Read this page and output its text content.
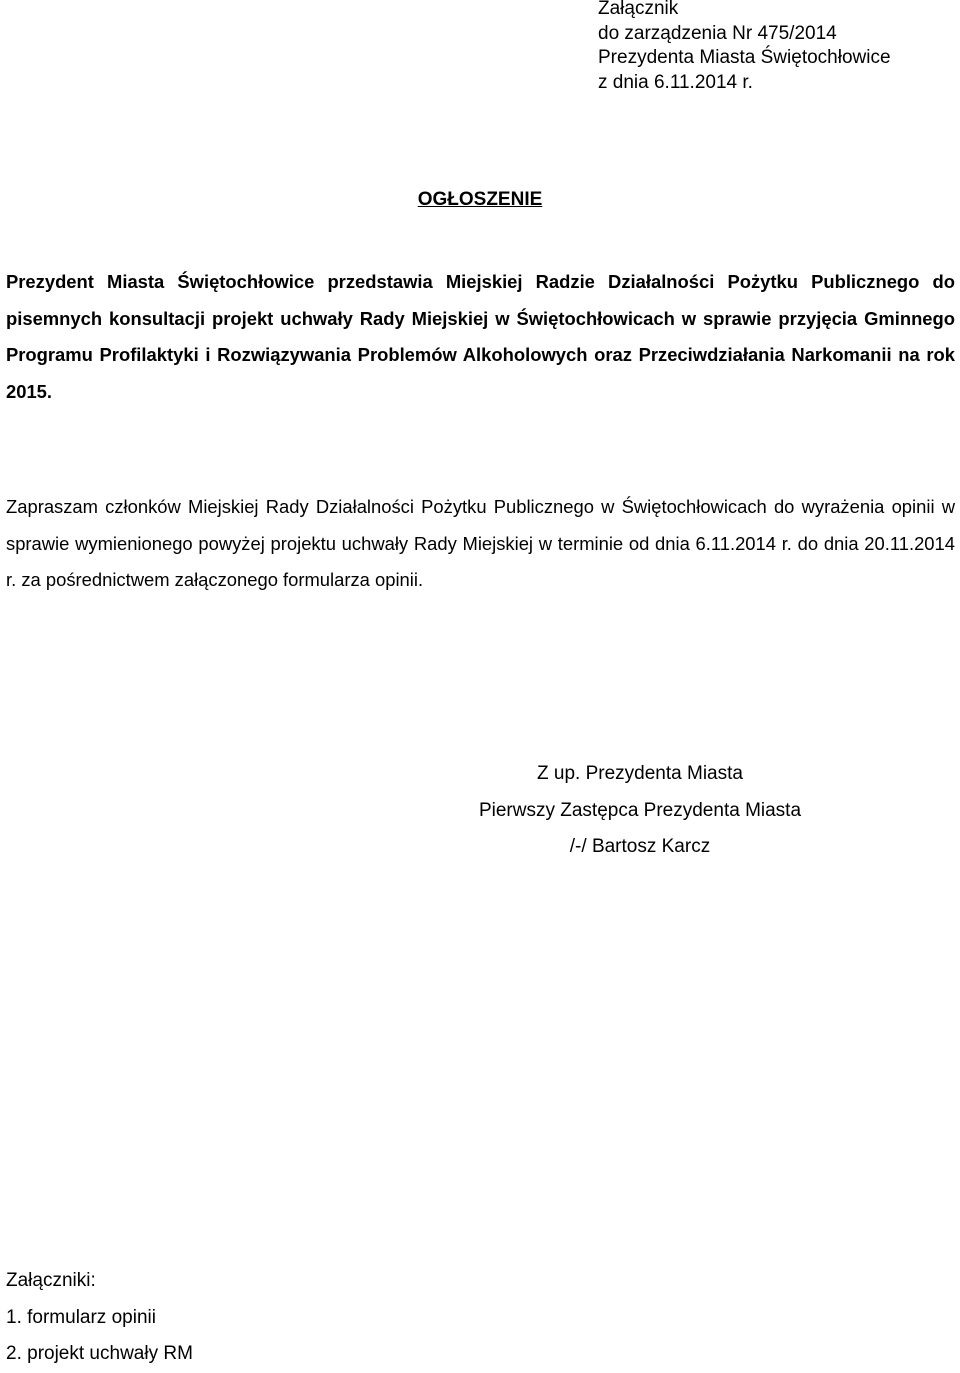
Załącznik
do zarządzenia Nr 475/2014
Prezydenta Miasta Świętochłowice
z dnia 6.11.2014 r.
OGŁOSZENIE
Prezydent Miasta Świętochłowice przedstawia Miejskiej Radzie Działalności Pożytku Publicznego do pisemnych konsultacji projekt uchwały Rady Miejskiej w Świętochłowicach w sprawie przyjęcia Gminnego Programu Profilaktyki i Rozwiązywania Problemów Alkoholowych oraz Przeciwdziałania Narkomanii na rok 2015.
Zapraszam członków Miejskiej Rady Działalności Pożytku Publicznego w Świętochłowicach do wyrażenia opinii w sprawie wymienionego powyżej projektu uchwały Rady Miejskiej w terminie od dnia 6.11.2014 r. do dnia 20.11.2014 r. za pośrednictwem załączonego formularza opinii.
Z up. Prezydenta Miasta
Pierwszy Zastępca Prezydenta Miasta
/-/ Bartosz Karcz
Załączniki:
1. formularz opinii
2. projekt uchwały RM
